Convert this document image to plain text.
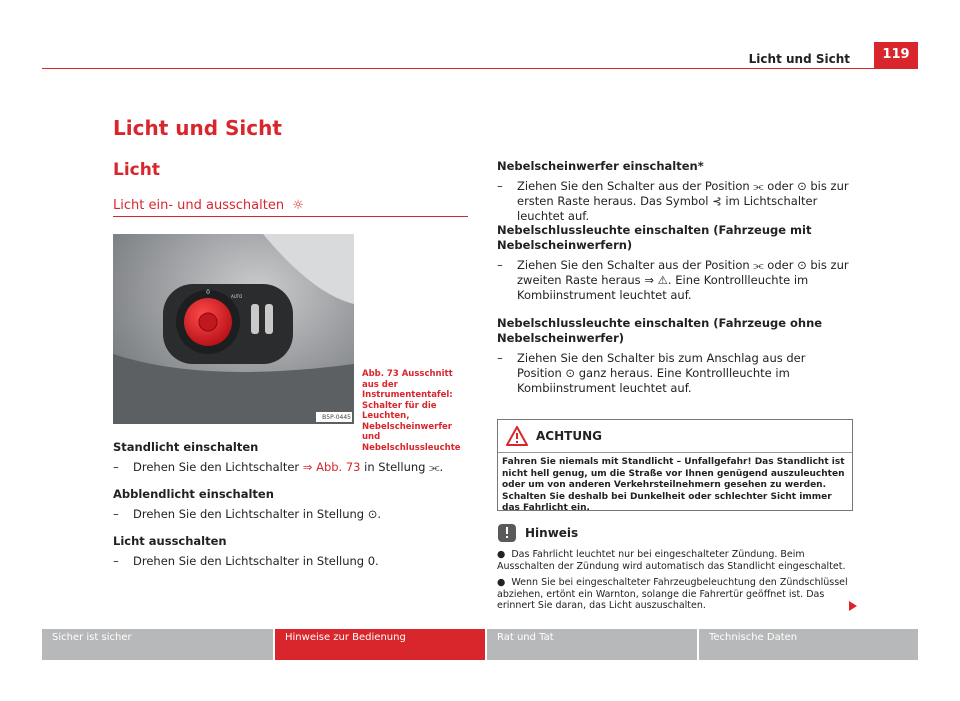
Licht und Sicht	119
Licht und Sicht
Licht
Licht ein- und ausschalten ☼
0
AUTO
B5P-0445
Abb. 73 Ausschnitt aus der Instrumententafel: Schalter für die Leuchten, Nebelscheinwerfer und Nebelschlussleuchte
Standlicht einschalten
–	Drehen Sie den Lichtschalter ⇒ Abb. 73 in Stellung ⫘.
Abblendlicht einschalten
–	Drehen Sie den Lichtschalter in Stellung ⊙.
Licht ausschalten
–	Drehen Sie den Lichtschalter in Stellung 0.
Nebelscheinwerfer einschalten*
–	Ziehen Sie den Schalter aus der Position ⫘ oder ⊙ bis zur ersten Raste heraus. Das Symbol ⊰ im Lichtschalter leuchtet auf.
Nebelschlussleuchte einschalten (Fahrzeuge mit Nebelscheinwerfern)
–	Ziehen Sie den Schalter aus der Position ⫘ oder ⊙ bis zur zweiten Raste heraus ⇒ ⚠. Eine Kontrollleuchte im Kombiinstrument leuchtet auf.
Nebelschlussleuchte einschalten (Fahrzeuge ohne Nebelscheinwerfer)
–	Ziehen Sie den Schalter bis zum Anschlag aus der Position ⊙ ganz heraus. Eine Kontrollleuchte im Kombiinstrument leuchtet auf.
ACHTUNG
Fahren Sie niemals mit Standlicht – Unfallgefahr! Das Standlicht ist nicht hell genug, um die Straße vor Ihnen genügend auszuleuchten oder um von anderen Verkehrsteilnehmern gesehen zu werden. Schalten Sie deshalb bei Dunkelheit oder schlechter Sicht immer das Fahrlicht ein.
Hinweis
●  Das Fahrlicht leuchtet nur bei eingeschalteter Zündung. Beim Ausschalten der Zündung wird automatisch das Standlicht eingeschaltet.
●  Wenn Sie bei eingeschalteter Fahrzeugbeleuchtung den Zündschlüssel abziehen, ertönt ein Warnton, solange die Fahrertür geöffnet ist. Das erinnert Sie daran, das Licht auszuschalten.
Sicher ist sicher	Hinweise zur Bedienung	Rat und Tat	Technische Daten
